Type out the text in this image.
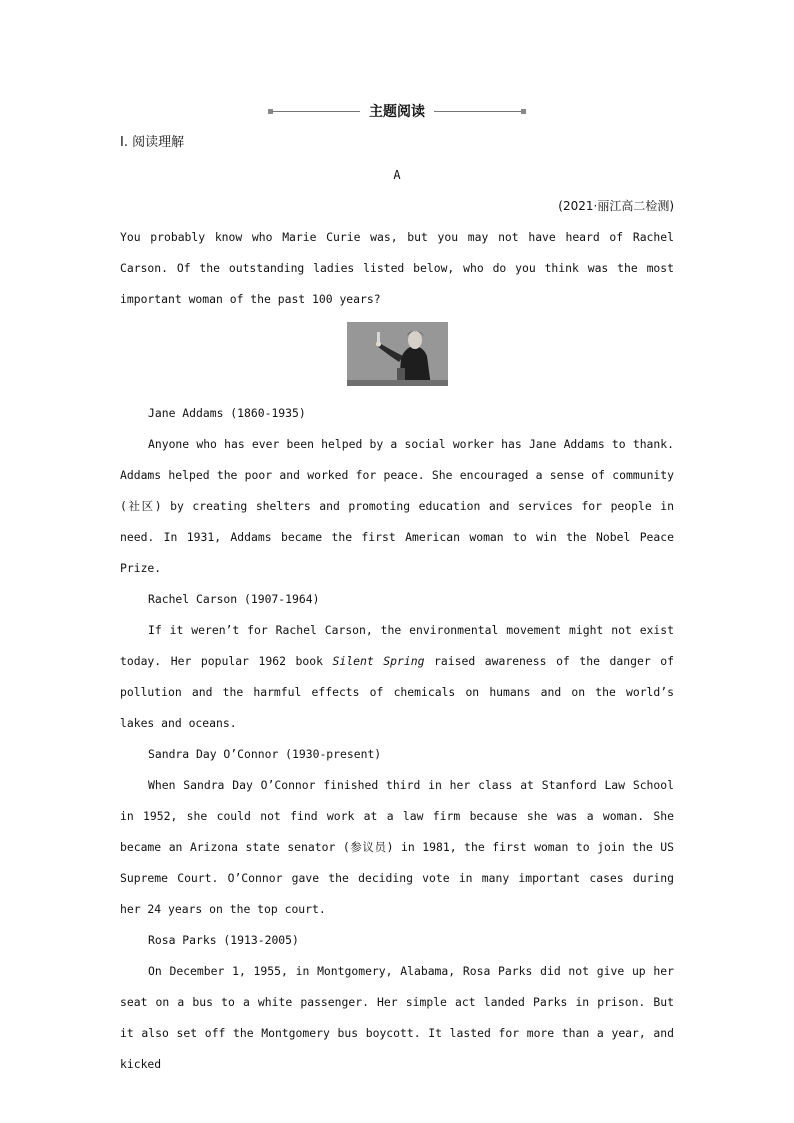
主题阅读
Ⅰ. 阅读理解
A
(2021·丽江高二检测)

You probably know who Marie Curie was, but you may not have heard of Rachel Carson. Of the outstanding ladies listed below, who do you think was the most important woman of the past 100 years?

Jane Addams (1860-1935)

Anyone who has ever been helped by a social worker has Jane Addams to thank. Addams helped the poor and worked for peace. She encouraged a sense of community (社区) by creating shelters and promoting education and services for people in need. In 1931, Addams became the first American woman to win the Nobel Peace Prize.

Rachel Carson (1907-1964)

If it weren’t for Rachel Carson, the environmental movement might not exist today. Her popular 1962 book Silent Spring raised awareness of the danger of pollution and the harmful effects of chemicals on humans and on the world’s lakes and oceans.

Sandra Day O’Connor (1930-present)

When Sandra Day O’Connor finished third in her class at Stanford Law School in 1952, she could not find work at a law firm because she was a woman. She became an Arizona state senator (参议员) in 1981, the first woman to join the US Supreme Court. O’Connor gave the deciding vote in many important cases during her 24 years on the top court.

Rosa Parks (1913-2005)

On December 1, 1955, in Montgomery, Alabama, Rosa Parks did not give up her seat on a bus to a white passenger. Her simple act landed Parks in prison. But it also set off the Montgomery bus boycott. It lasted for more than a year, and kicked
